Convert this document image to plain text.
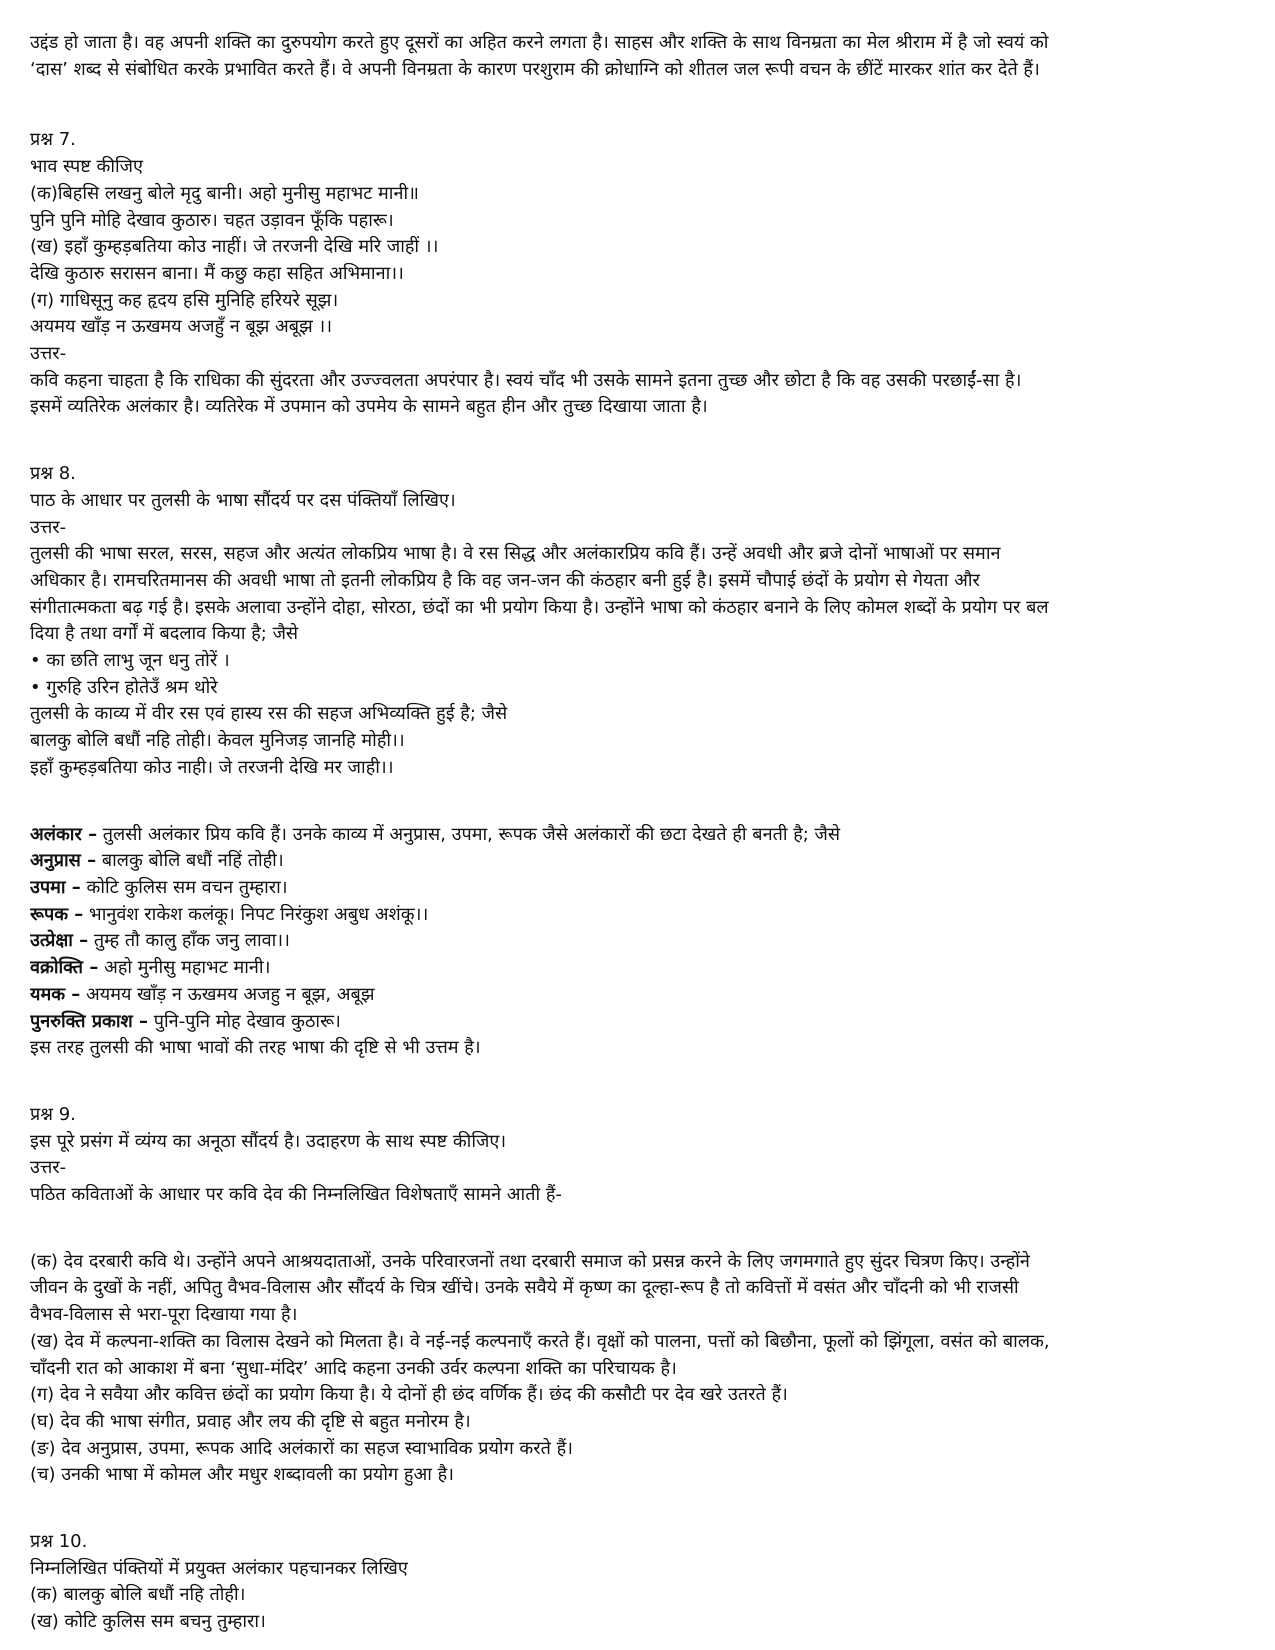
उद्दंड हो जाता है। वह अपनी शक्ति का दुरुपयोग करते हुए दूसरों का अहित करने लगता है। साहस और शक्ति के साथ विनम्रता का मेल श्रीराम में है जो स्वयं को
‘दास’ शब्द से संबोधित करके प्रभावित करते हैं। वे अपनी विनम्रता के कारण परशुराम की क्रोधाग्नि को शीतल जल रूपी वचन के छींटें मारकर शांत कर देते हैं।
प्रश्न 7.
भाव स्पष्ट कीजिए
(क)बिहसि लखनु बोले मृदु बानी। अहो मुनीसु महाभट मानी॥
पुनि पुनि मोहि देखाव कुठारु। चहत उड़ावन फूँकि पहारू।
(ख) इहाँ कुम्हड़बतिया कोउ नाहीं। जे तरजनी देखि मरि जाहीं ।।
देखि कुठारु सरासन बाना। मैं कछु कहा सहित अभिमाना।।
(ग) गाधिसूनु कह हृदय हसि मुनिहि हरियरे सूझ।
अयमय खाँड़ न ऊखमय अजहुँ न बूझ अबूझ ।।
उत्तर-
कवि कहना चाहता है कि राधिका की सुंदरता और उज्ज्वलता अपरंपार है। स्वयं चाँद भी उसके सामने इतना तुच्छ और छोटा है कि वह उसकी परछाईं-सा है।
इसमें व्यतिरेक अलंकार है। व्यतिरेक में उपमान को उपमेय के सामने बहुत हीन और तुच्छ दिखाया जाता है।
प्रश्न 8.
पाठ के आधार पर तुलसी के भाषा सौंदर्य पर दस पंक्तियाँ लिखिए।
उत्तर-
तुलसी की भाषा सरल, सरस, सहज और अत्यंत लोकप्रिय भाषा है। वे रस सिद्ध और अलंकारप्रिय कवि हैं। उन्हें अवधी और ब्रजे दोनों भाषाओं पर समान
अधिकार है। रामचरितमानस की अवधी भाषा तो इतनी लोकप्रिय है कि वह जन-जन की कंठहार बनी हुई है। इसमें चौपाई छंदों के प्रयोग से गेयता और
संगीतात्मकता बढ़ गई है। इसके अलावा उन्होंने दोहा, सोरठा, छंदों का भी प्रयोग किया है। उन्होंने भाषा को कंठहार बनाने के लिए कोमल शब्दों के प्रयोग पर बल
दिया है तथा वर्गों में बदलाव किया है; जैसे
• का छति लाभु जून धनु तोरें ।
• गुरुहि उरिन होतेउँ श्रम थोरे
तुलसी के काव्य में वीर रस एवं हास्य रस की सहज अभिव्यक्ति हुई है; जैसे
बालकु बोलि बधौं नहि तोही। केवल मुनिजड़ जानहि मोही।।
इहाँ कुम्हड़बतिया कोउ नाही। जे तरजनी देखि मर जाही।।
अलंकार – तुलसी अलंकार प्रिय कवि हैं। उनके काव्य में अनुप्रास, उपमा, रूपक जैसे अलंकारों की छटा देखते ही बनती है; जैसे
अनुप्रास – बालकु बोलि बधौं नहिं तोही।
उपमा – कोटि कुलिस सम वचन तुम्हारा।
रूपक – भानुवंश राकेश कलंकू। निपट निरंकुश अबुध अशंकू।।
उत्प्रेक्षा – तुम्ह तौ कालु हाँक जनु लावा।।
वक्रोक्ति – अहो मुनीसु महाभट मानी।
यमक – अयमय खाँड़ न ऊखमय अजहु न बूझ, अबूझ
पुनरुक्ति प्रकाश – पुनि-पुनि मोह देखाव कुठारू।
इस तरह तुलसी की भाषा भावों की तरह भाषा की दृष्टि से भी उत्तम है।
प्रश्न 9.
इस पूरे प्रसंग में व्यंग्य का अनूठा सौंदर्य है। उदाहरण के साथ स्पष्ट कीजिए।
उत्तर-
पठित कविताओं के आधार पर कवि देव की निम्नलिखित विशेषताएँ सामने आती हैं-
(क) देव दरबारी कवि थे। उन्होंने अपने आश्रयदाताओं, उनके परिवारजनों तथा दरबारी समाज को प्रसन्न करने के लिए जगमगाते हुए सुंदर चित्रण किए। उन्होंने
जीवन के दुखों के नहीं, अपितु वैभव-विलास और सौंदर्य के चित्र खींचे। उनके सवैये में कृष्ण का दूल्हा-रूप है तो कवित्तों में वसंत और चाँदनी को भी राजसी
वैभव-विलास से भरा-पूरा दिखाया गया है।
(ख) देव में कल्पना-शक्ति का विलास देखने को मिलता है। वे नई-नई कल्पनाएँ करते हैं। वृक्षों को पालना, पत्तों को बिछौना, फूलों को झिंगूला, वसंत को बालक,
चाँदनी रात को आकाश में बना ‘सुधा-मंदिर’ आदि कहना उनकी उर्वर कल्पना शक्ति का परिचायक है।
(ग) देव ने सवैया और कवित्त छंदों का प्रयोग किया है। ये दोनों ही छंद वर्णिक हैं। छंद की कसौटी पर देव खरे उतरते हैं।
(घ) देव की भाषा संगीत, प्रवाह और लय की दृष्टि से बहुत मनोरम है।
(ङ) देव अनुप्रास, उपमा, रूपक आदि अलंकारों का सहज स्वाभाविक प्रयोग करते हैं।
(च) उनकी भाषा में कोमल और मधुर शब्दावली का प्रयोग हुआ है।
प्रश्न 10.
निम्नलिखित पंक्तियों में प्रयुक्त अलंकार पहचानकर लिखिए
(क) बालकु बोलि बधौं नहि तोही।
(ख) कोटि कुलिस सम बचनु तुम्हारा।
